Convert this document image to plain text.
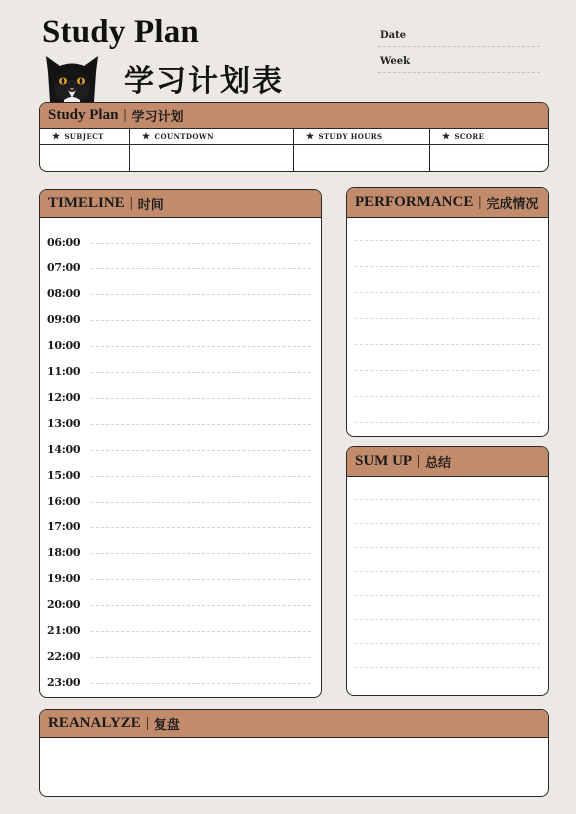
Study Plan
学习计划表
Date
Week
Study Plan | 学习计划
★ SUBJECT	★ COUNTDOWN	★ STUDY HOURS	★ SCORE
TIMELINE | 时间
06:00
07:00
08:00
09:00
10:00
11:00
12:00
13:00
14:00
15:00
16:00
17:00
18:00
19:00
20:00
21:00
22:00
23:00
PERFORMANCE | 完成情况
SUM UP | 总结
REANALYZE | 复盘
